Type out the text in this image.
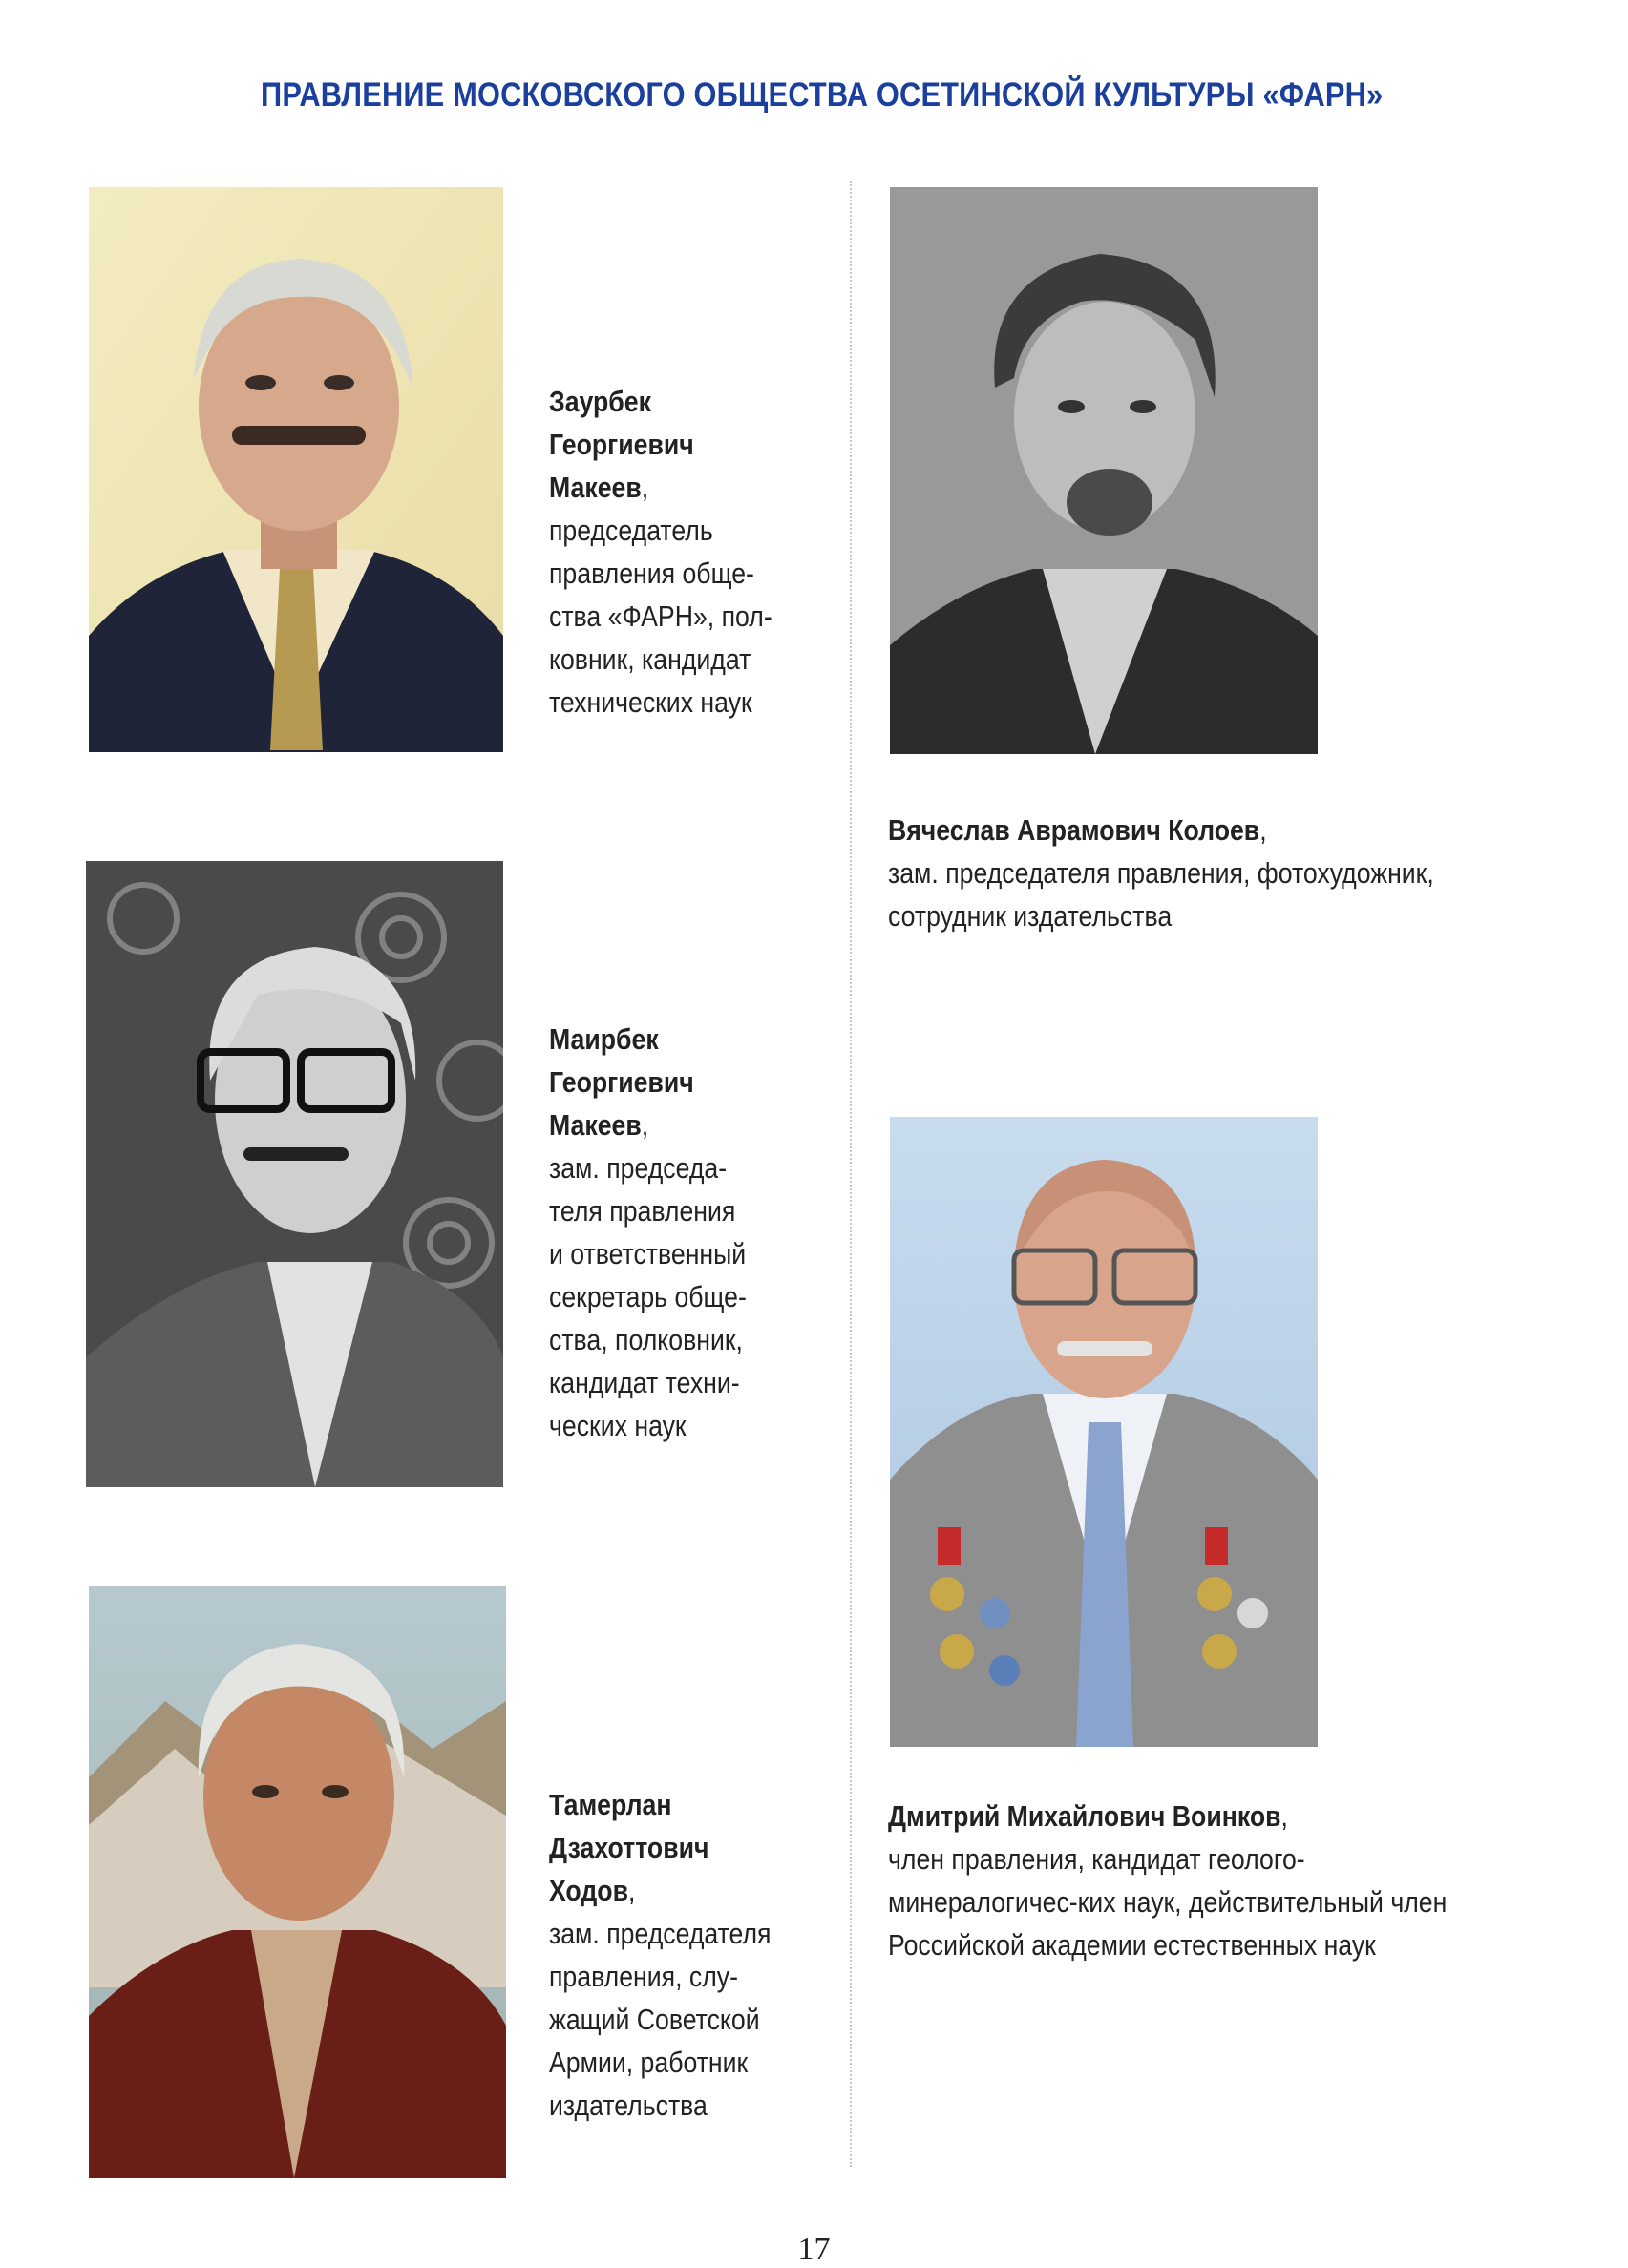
ПРАВЛЕНИЕ МОСКОВСКОГО ОБЩЕСТВА ОСЕТИНСКОЙ КУЛЬТУРЫ «ФАРН»
Заурбек
Георгиевич
Макеев,
председатель
правления обще-
ства «ФАРН», пол-
ковник, кандидат
технических наук
Вячеслав Аврамович Колоев,
зам. председателя правления, фотохудожник,
сотрудник издательства
Маирбек
Георгиевич
Макеев,
зам. председа-
теля правления
и ответственный
секретарь обще-
ства, полковник,
кандидат техни-
ческих наук
Дмитрий Михайлович Воинков,
член правления, кандидат геолого-
минералогичес-ких наук, действительный член
Российской академии естественных наук
Тамерлан
Дзахоттович
Ходов,
зам. председателя
правления, слу-
жащий Советской
Армии, работник
издательства
17
